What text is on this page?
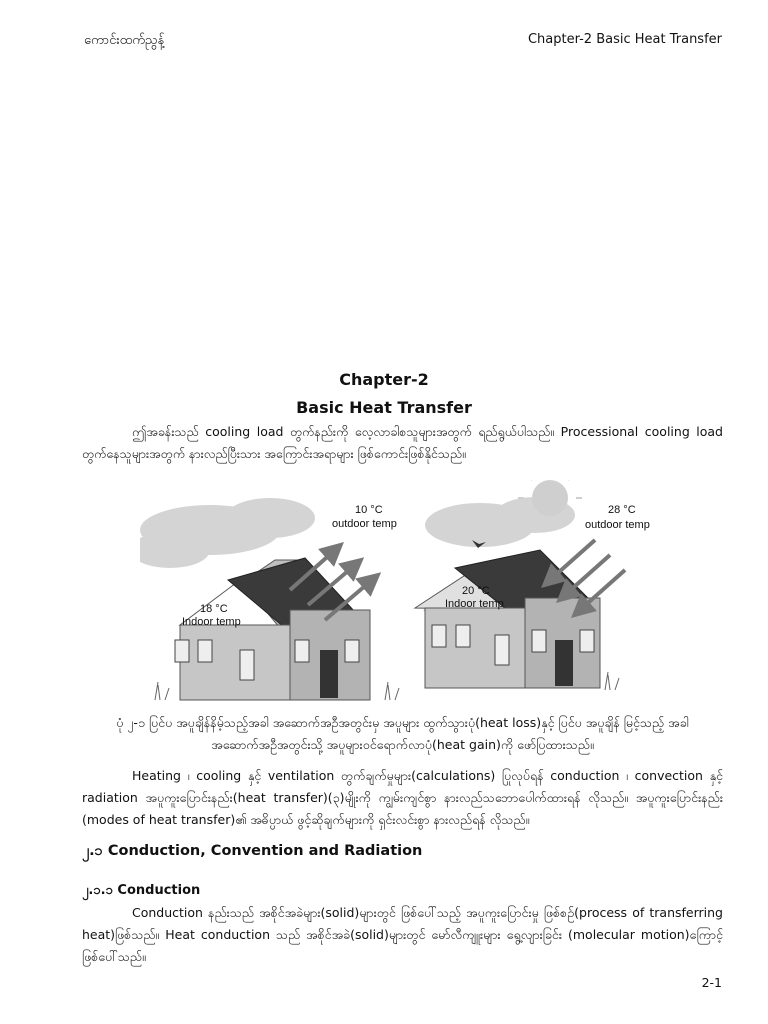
ကောင်းထက်ညွန့်	Chapter-2 Basic Heat Transfer
Chapter-2
Basic Heat Transfer
ဤအခန်းသည် cooling load တွက်နည်းကို လေ့လာခါစသူများအတွက် ရည်ရွယ်ပါသည်။ Processional cooling load တွက်နေသူများအတွက် နားလည်ပြီးသား အကြောင်းအရာများ ဖြစ်ကောင်းဖြစ်နိုင်သည်။
10 °C
outdoor temp
18 °C
Indoor temp
28 °C
outdoor temp
20 °C
Indoor temp
ပုံ ၂-၁ ပြင်ပ အပူချိန်နိမ့်သည့်အခါ အဆောက်အဦအတွင်းမှ အပူများ ထွက်သွားပုံ(heat loss)နှင့် ပြင်ပ အပူချိန် မြင့်သည့် အခါ အဆောက်အဦအတွင်းသို့ အပူများဝင်ရောက်လာပုံ(heat gain)ကို ဖော်ပြထားသည်။
Heating ၊ cooling နှင့် ventilation တွက်ချက်မှုများ(calculations) ပြုလုပ်ရန် conduction ၊ convection နှင့် radiation အပူကူးပြောင်းနည်း(heat transfer)(၃)မျိုးကို ကျွမ်းကျင်စွာ နားလည်သဘောပေါက်ထားရန် လိုသည်။ အပူကူးပြောင်းနည်း (modes of heat transfer)၏ အဓိပ္ပာယ် ဖွင့်ဆိုချက်များကို ရှင်းလင်းစွာ နားလည်ရန် လိုသည်။
၂.၁ Conduction, Convention and Radiation
၂.၁.၁ Conduction
Conduction နည်းသည် အစိုင်အခဲများ(solid)များတွင် ဖြစ်ပေါ်သည့် အပူကူးပြောင်းမှု ဖြစ်စဉ်(process of transferring heat)ဖြစ်သည်။ Heat conduction သည် အစိုင်အခဲ(solid)များတွင် မော်လီကျူးများ ရွေ့လျားခြင်း (molecular motion)ကြောင့် ဖြစ်ပေါ်သည်။
2-1
